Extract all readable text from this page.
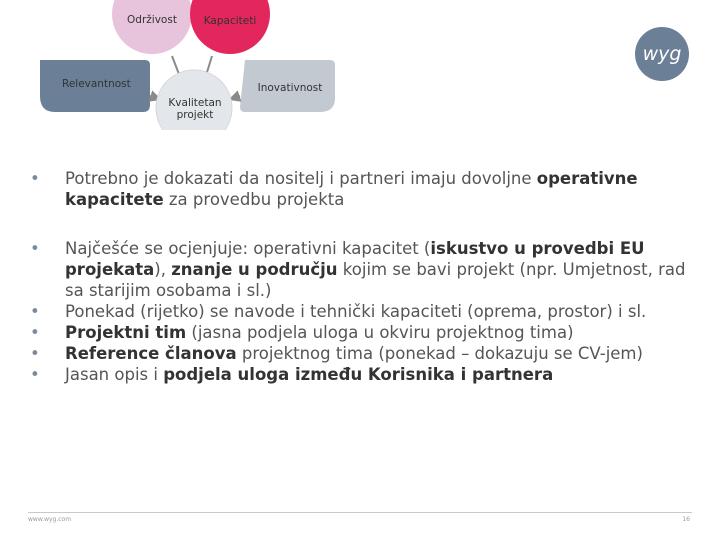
Održivost	Kapaciteti
Relevantnost	Inovativnost
Kvalitetan
projekt
wyg
•	Potrebno je dokazati da nositelj i partneri imaju dovoljne operativne kapacitete za provedbu projekta
•	Najčešće se ocjenjuje: operativni kapacitet (iskustvo u provedbi EU projekata), znanje u području kojim se bavi projekt (npr. Umjetnost, rad sa starijim osobama i sl.)
•	Ponekad (rijetko) se navode i tehnički kapaciteti (oprema, prostor) i sl.
•	Projektni tim (jasna podjela uloga u okviru projektnog tima)
•	Reference članova projektnog tima (ponekad – dokazuju se CV-jem)
•	Jasan opis i podjela uloga između Korisnika i partnera
www.wyg.com	16
